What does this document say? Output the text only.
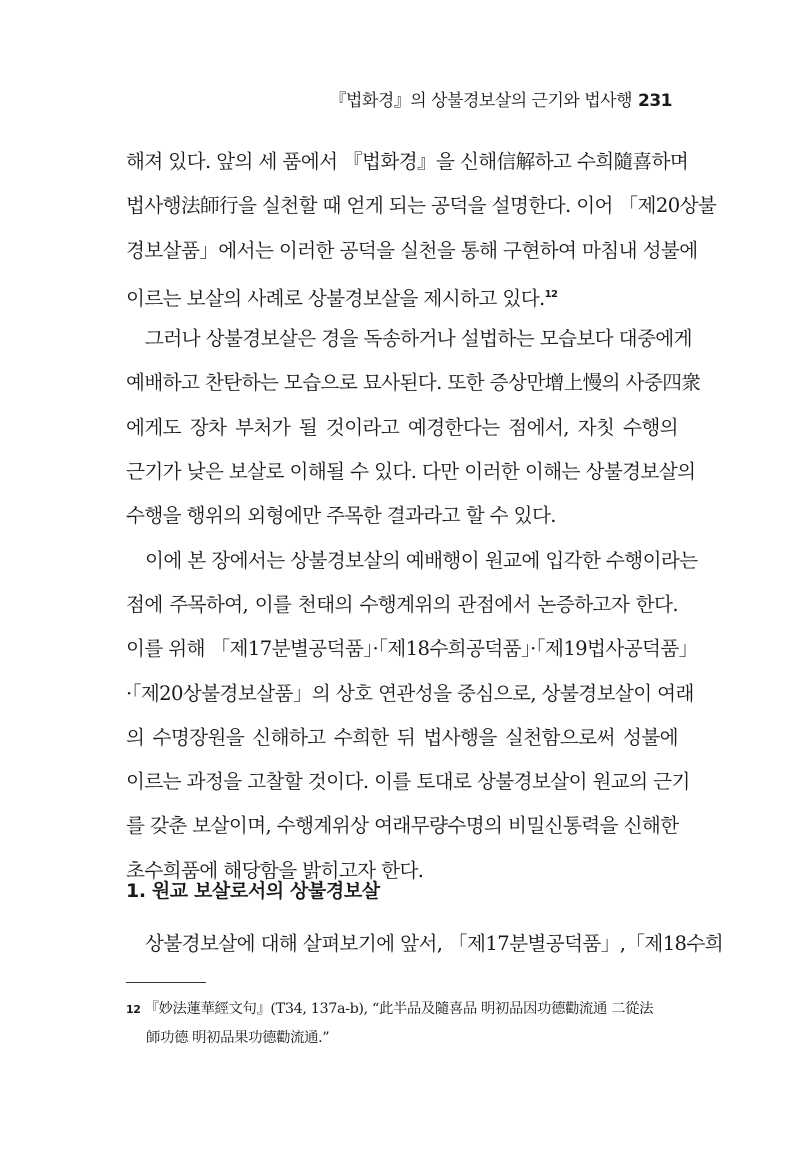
『법화경』의 상불경보살의 근기와 법사행 231
해져 있다. 앞의 세 품에서 『법화경』을 신해信解하고 수희隨喜하며
법사행法師行을 실천할 때 얻게 되는 공덕을 설명한다. 이어 「제20상불
경보살품」에서는 이러한 공덕을 실천을 통해 구현하여 마침내 성불에
이르는 보살의 사례로 상불경보살을 제시하고 있다.$^{12}$
그러나 상불경보살은 경을 독송하거나 설법하는 모습보다 대중에게
예배하고 찬탄하는 모습으로 묘사된다. 또한 증상만增上慢의 사중四衆
에게도 장차 부처가 될 것이라고 예경한다는 점에서, 자칫 수행의
근기가 낮은 보살로 이해될 수 있다. 다만 이러한 이해는 상불경보살의
수행을 행위의 외형에만 주목한 결과라고 할 수 있다.
이에 본 장에서는 상불경보살의 예배행이 원교에 입각한 수행이라는
점에 주목하여, 이를 천태의 수행계위의 관점에서 논증하고자 한다.
이를 위해 「제17분별공덕품」·「제18수희공덕품」·「제19법사공덕품」
·「제20상불경보살품」의 상호 연관성을 중심으로, 상불경보살이 여래
의 수명장원을 신해하고 수희한 뒤 법사행을 실천함으로써 성불에
이르는 과정을 고찰할 것이다. 이를 토대로 상불경보살이 원교의 근기
를 갖춘 보살이며, 수행계위상 여래무량수명의 비밀신통력을 신해한
초수희품에 해당함을 밝히고자 한다.
1. 원교 보살로서의 상불경보살
상불경보살에 대해 살펴보기에 앞서, 「제17분별공덕품」,「제18수희
12 『妙法蓮華經文句』(T34, 137a-b), “此半品及隨喜品 明初品因功德勸流通 二從法
師功德 明初品果功德勸流通.”
